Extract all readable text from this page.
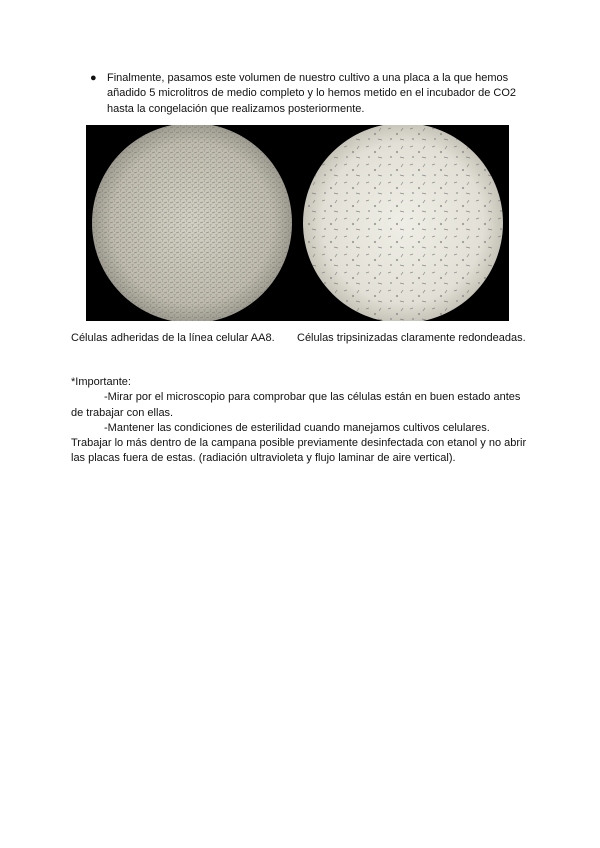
● Finalmente, pasamos este volumen de nuestro cultivo a una placa a la que hemos añadido 5 microlitros de medio completo y lo hemos metido en el incubador de CO2 hasta la congelación que realizamos posteriormente.
Células adheridas de la línea celular AA8. Células tripsinizadas claramente redondeadas.

*Importante:

-Mirar por el microscopio para comprobar que las células están en buen estado antes de trabajar con ellas.

-Mantener las condiciones de esterilidad cuando manejamos cultivos celulares.

Trabajar lo más dentro de la campana posible previamente desinfectada con etanol y no abrir las placas fuera de estas. (radiación ultravioleta y flujo laminar de aire vertical).
